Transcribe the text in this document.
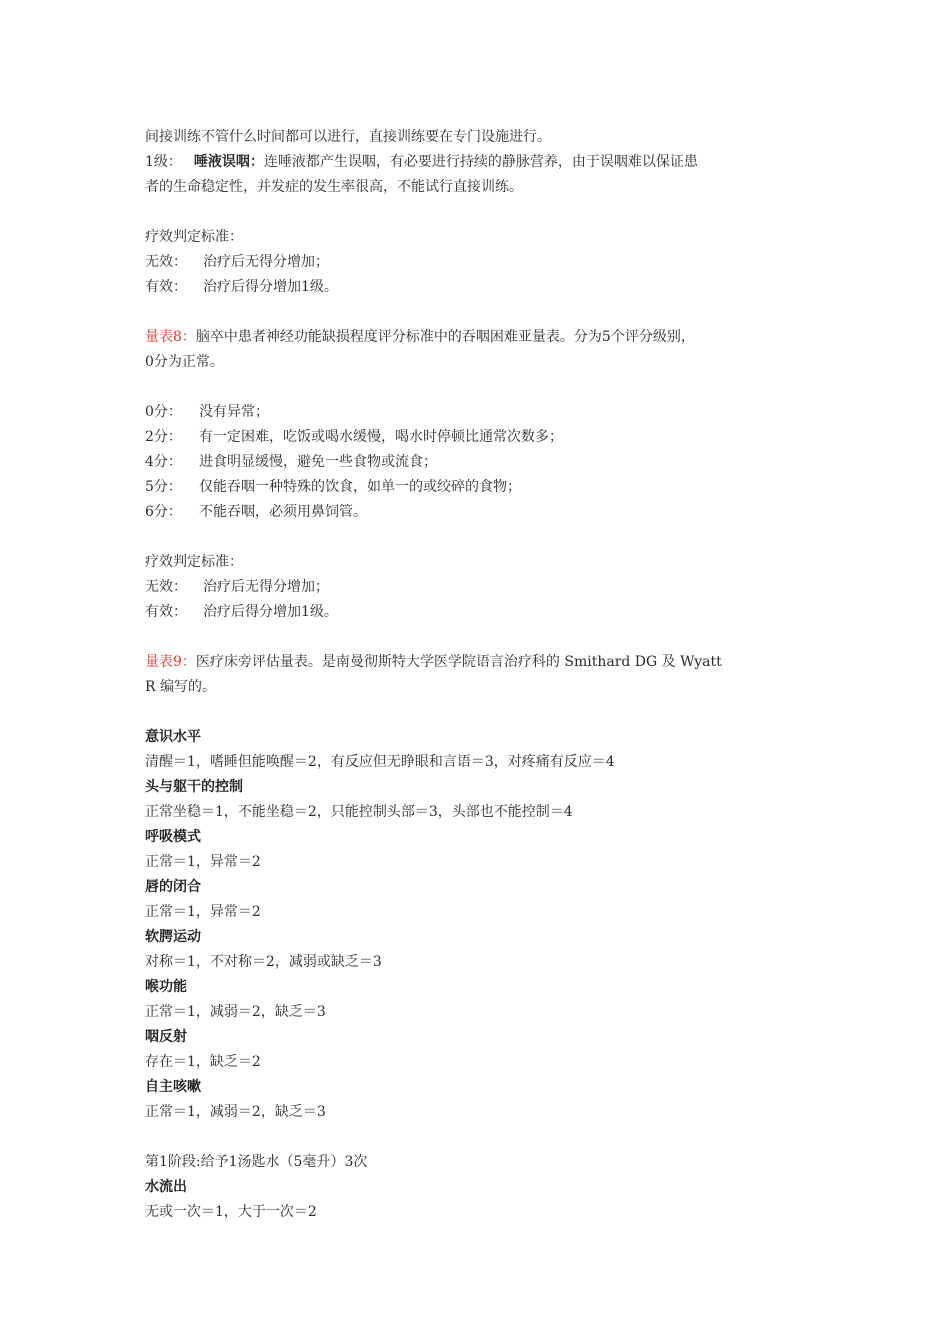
间接训练不管什么时间都可以进行，直接训练要在专门设施进行。
1级： 唾液误咽：连唾液都产生误咽，有必要进行持续的静脉营养，由于误咽难以保证患
者的生命稳定性，并发症的发生率很高，不能试行直接训练。
疗效判定标准：
无效： 治疗后无得分增加；
有效： 治疗后得分增加1级。
量表8：脑卒中患者神经功能缺损程度评分标准中的吞咽困难亚量表。分为5个评分级别，
0分为正常。
0分： 没有异常；
2分： 有一定困难，吃饭或喝水缓慢，喝水时停顿比通常次数多；
4分： 进食明显缓慢，避免一些食物或流食；
5分： 仅能吞咽一种特殊的饮食，如单一的或绞碎的食物；
6分： 不能吞咽，必须用鼻饲管。
疗效判定标准：
无效： 治疗后无得分增加；
有效： 治疗后得分增加1级。
量表9：医疗床旁评估量表。是南曼彻斯特大学医学院语言治疗科的 Smithard DG 及 Wyatt
R 编写的。
意识水平
清醒＝1，嗜睡但能唤醒＝2，有反应但无睁眼和言语＝3，对疼痛有反应＝4
头与躯干的控制
正常坐稳＝1，不能坐稳＝2，只能控制头部＝3，头部也不能控制＝4
呼吸模式
正常＝1，异常＝2
唇的闭合
正常＝1，异常＝2
软腭运动
对称＝1，不对称＝2，减弱或缺乏＝3
喉功能
正常＝1，减弱＝2，缺乏＝3
咽反射
存在＝1，缺乏＝2
自主咳嗽
正常＝1，减弱＝2，缺乏＝3
第1阶段:给予1汤匙水（5毫升）3次
水流出
无或一次＝1，大于一次＝2
